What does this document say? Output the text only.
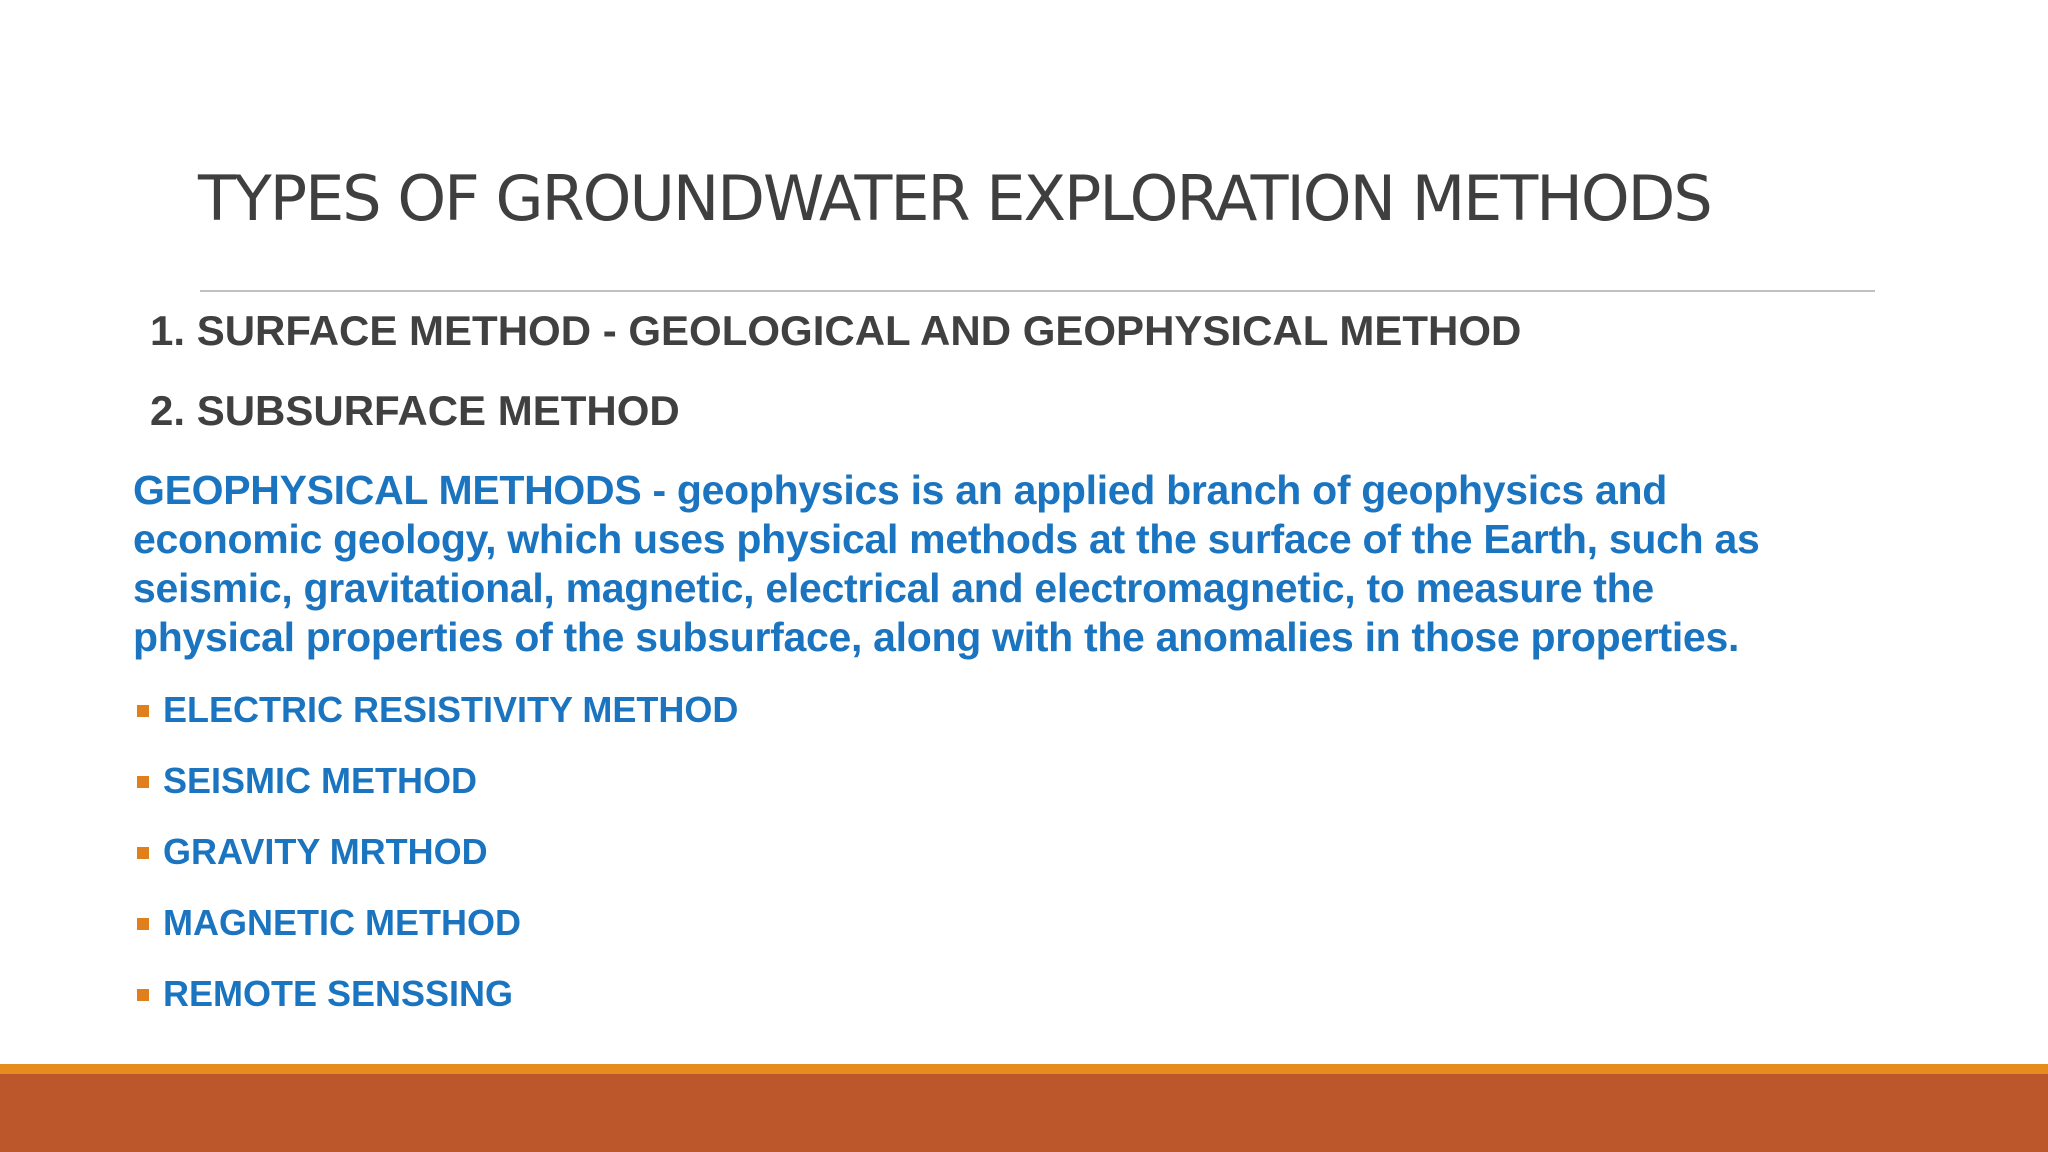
TYPES OF GROUNDWATER EXPLORATION METHODS
1. SURFACE METHOD - GEOLOGICAL AND GEOPHYSICAL METHOD
2. SUBSURFACE METHOD
GEOPHYSICAL METHODS - geophysics is an applied branch of geophysics and
economic geology, which uses physical methods at the surface of the Earth, such as
seismic, gravitational, magnetic, electrical and electromagnetic, to measure the
physical properties of the subsurface, along with the anomalies in those properties.
ELECTRIC RESISTIVITY METHOD
SEISMIC METHOD
GRAVITY MRTHOD
MAGNETIC METHOD
REMOTE SENSSING
